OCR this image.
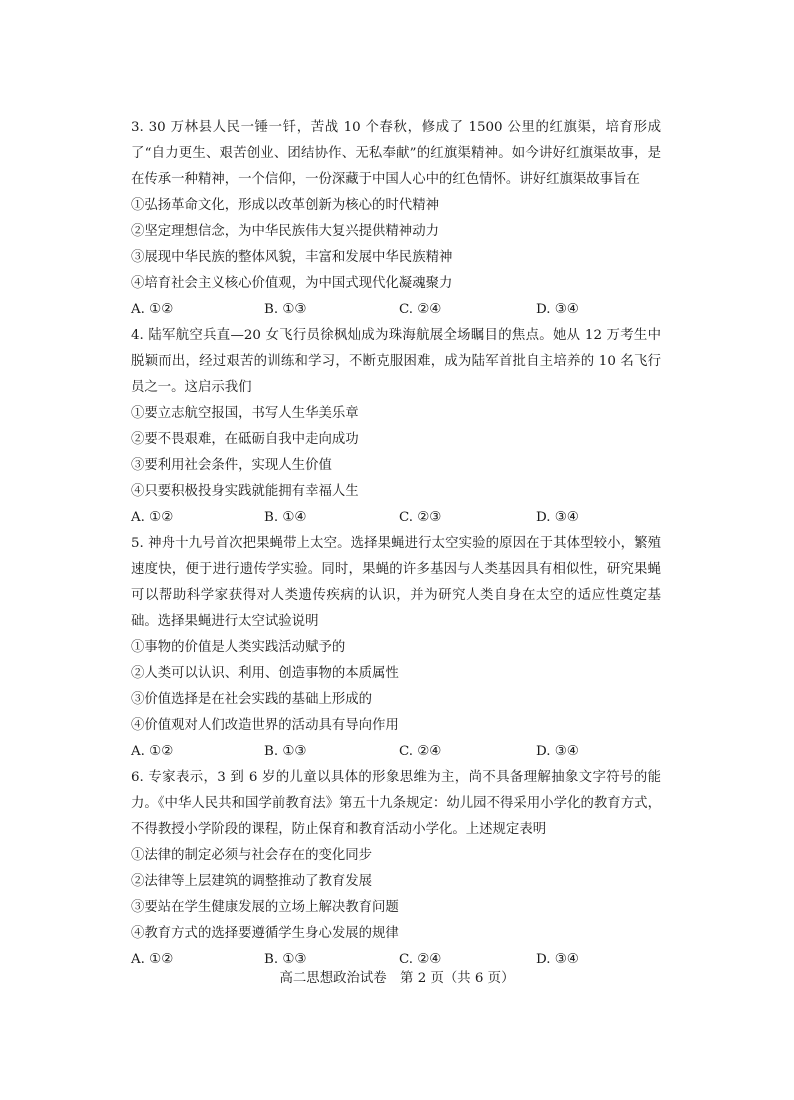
3. 30 万林县人民一锤一钎，苦战 10 个春秋，修成了 1500 公里的红旗渠，培育形成了“自力更生、艰苦创业、团结协作、无私奉献”的红旗渠精神。如今讲好红旗渠故事，是在传承一种精神，一个信仰，一份深藏于中国人心中的红色情怀。讲好红旗渠故事旨在

①弘扬革命文化，形成以改革创新为核心的时代精神

②坚定理想信念，为中华民族伟大复兴提供精神动力

③展现中华民族的整体风貌，丰富和发展中华民族精神

④培育社会主义核心价值观，为中国式现代化凝魂聚力

A. ①②	B. ①③	C. ②④	D. ③④

4. 陆军航空兵直—20 女飞行员徐枫灿成为珠海航展全场瞩目的焦点。她从 12 万考生中脱颖而出，经过艰苦的训练和学习，不断克服困难，成为陆军首批自主培养的 10 名飞行员之一。这启示我们

①要立志航空报国，书写人生华美乐章

②要不畏艰难，在砥砺自我中走向成功

③要利用社会条件，实现人生价值

④只要积极投身实践就能拥有幸福人生

A. ①②	B. ①④	C. ②③	D. ③④

5. 神舟十九号首次把果蝇带上太空。选择果蝇进行太空实验的原因在于其体型较小，繁殖速度快，便于进行遗传学实验。同时，果蝇的许多基因与人类基因具有相似性，研究果蝇可以帮助科学家获得对人类遗传疾病的认识，并为研究人类自身在太空的适应性奠定基础。选择果蝇进行太空试验说明

①事物的价值是人类实践活动赋予的

②人类可以认识、利用、创造事物的本质属性

③价值选择是在社会实践的基础上形成的

④价值观对人们改造世界的活动具有导向作用

A. ①②	B. ①③	C. ②④	D. ③④

6. 专家表示，3 到 6 岁的儿童以具体的形象思维为主，尚不具备理解抽象文字符号的能力。《中华人民共和国学前教育法》第五十九条规定：幼儿园不得采用小学化的教育方式，不得教授小学阶段的课程，防止保育和教育活动小学化。上述规定表明

①法律的制定必须与社会存在的变化同步

②法律等上层建筑的调整推动了教育发展

③要站在学生健康发展的立场上解决教育问题

④教育方式的选择要遵循学生身心发展的规律

A. ①②	B. ①③	C. ②④	D. ③④
高二思想政治试卷　第 2 页（共 6 页）
